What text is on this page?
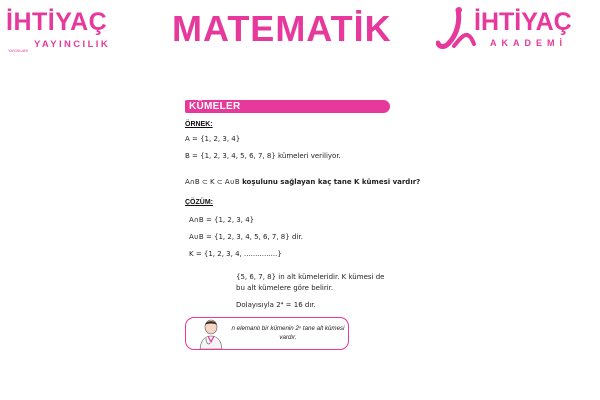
İHTİYAÇ
YAYINCILIK
YAYINLARI
MATEMATİK	İHTİYAÇ
AKADEMİ
KÜMELER
ÖRNEK:
A = {1, 2, 3, 4}
B = {1, 2, 3, 4, 5, 6, 7, 8} kümeleri veriliyor.
A∩B ⊂ K ⊂ A∪B koşulunu sağlayan kaç tane K kümesi vardır?
ÇÖZÜM:
A∩B = {1, 2, 3, 4}
A∪B = {1, 2, 3, 4, 5, 6, 7, 8} dir.
K = {1, 2, 3, 4, ...............}
{5, 6, 7, 8} in alt kümeleridir. K kümesi de
bu alt kümelere göre belirir.
Dolayısıyla 2⁴ = 16 dır.
n elemanlı bir kümenin 2ⁿ tane alt kümesi vardır.
